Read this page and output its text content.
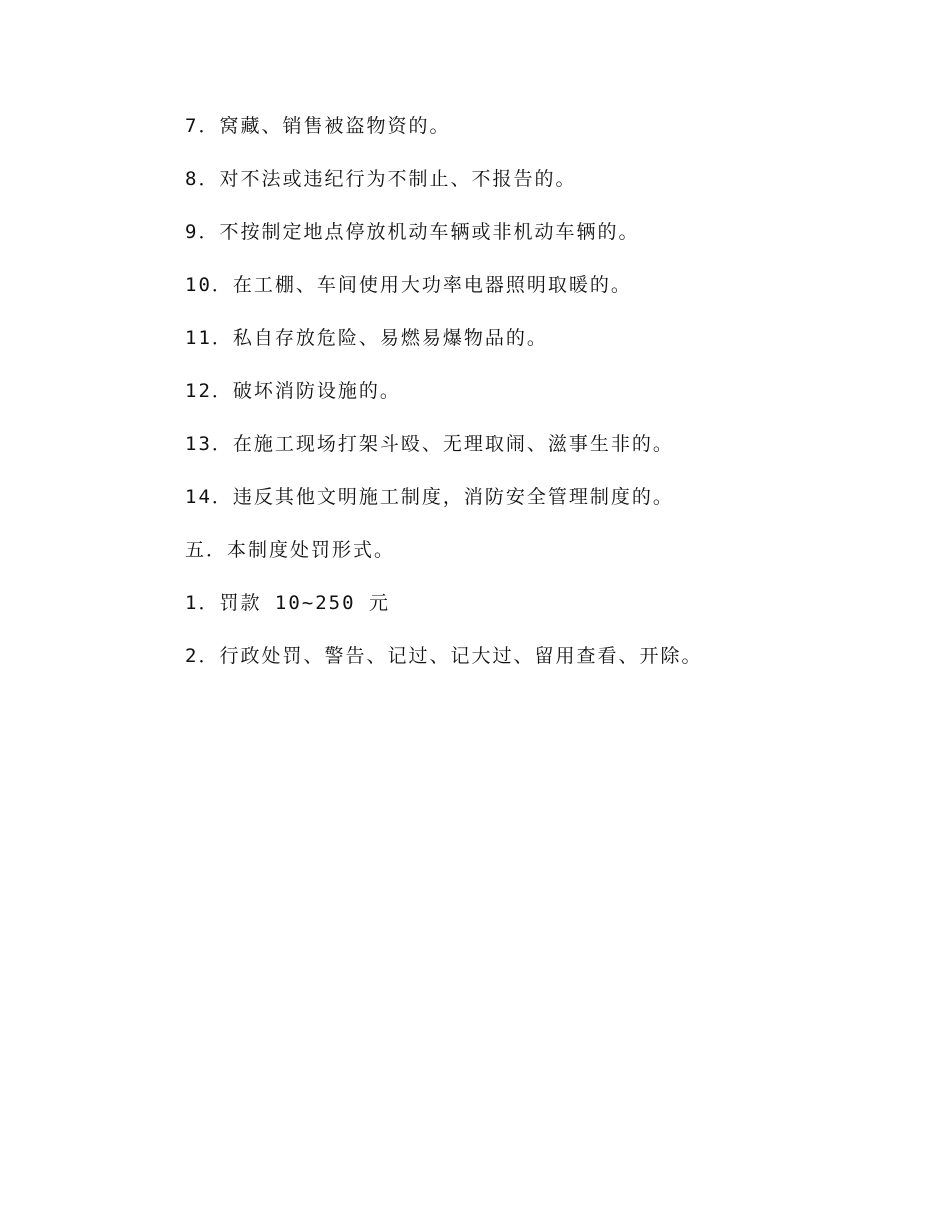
7．窝藏、销售被盗物资的。
8．对不法或违纪行为不制止、不报告的。
9．不按制定地点停放机动车辆或非机动车辆的。
10．在工棚、车间使用大功率电器照明取暖的。
11．私自存放危险、易燃易爆物品的。
12．破坏消防设施的。
13．在施工现场打架斗殴、无理取闹、滋事生非的。
14．违反其他文明施工制度，消防安全管理制度的。
五．本制度处罚形式。
1．罚款 10~250 元
2．行政处罚、警告、记过、记大过、留用查看、开除。
